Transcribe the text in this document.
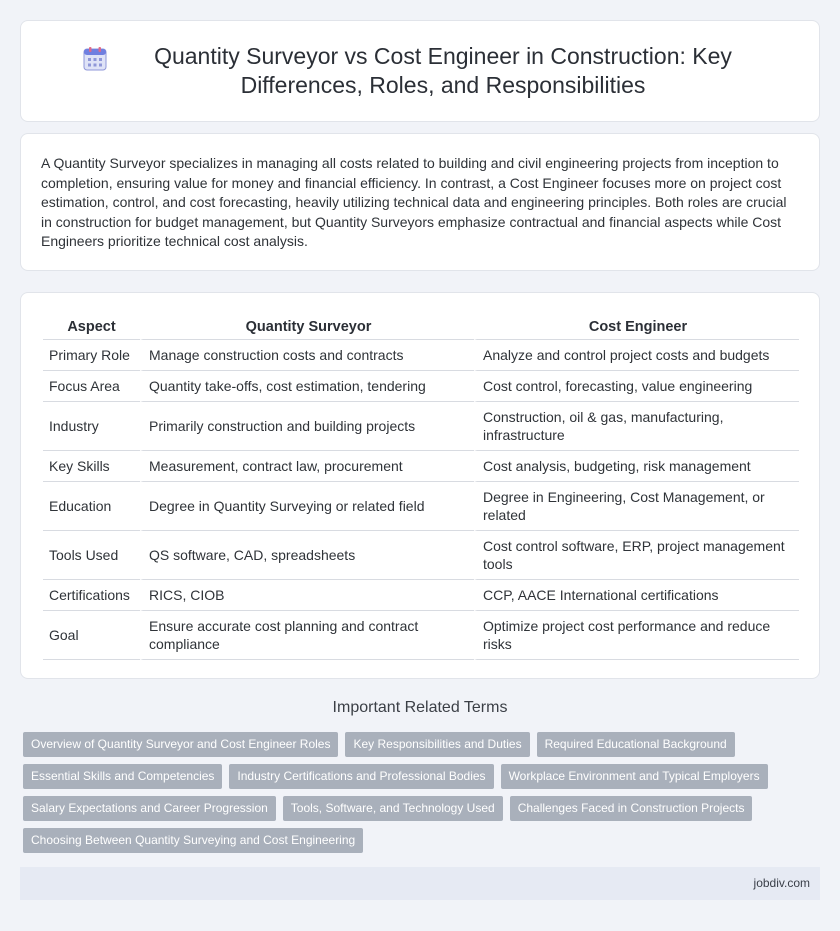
Quantity Surveyor vs Cost Engineer in Construction: Key Differences, Roles, and Responsibilities

A Quantity Surveyor specializes in managing all costs related to building and civil engineering projects from inception to completion, ensuring value for money and financial efficiency. In contrast, a Cost Engineer focuses more on project cost estimation, control, and cost forecasting, heavily utilizing technical data and engineering principles. Both roles are crucial in construction for budget management, but Quantity Surveyors emphasize contractual and financial aspects while Cost Engineers prioritize technical cost analysis.

Aspect	Quantity Surveyor	Cost Engineer
Primary Role	Manage construction costs and contracts	Analyze and control project costs and budgets
Focus Area	Quantity take-offs, cost estimation, tendering	Cost control, forecasting, value engineering
Industry	Primarily construction and building projects	Construction, oil & gas, manufacturing, infrastructure
Key Skills	Measurement, contract law, procurement	Cost analysis, budgeting, risk management
Education	Degree in Quantity Surveying or related field	Degree in Engineering, Cost Management, or related
Tools Used	QS software, CAD, spreadsheets	Cost control software, ERP, project management tools
Certifications	RICS, CIOB	CCP, AACE International certifications
Goal	Ensure accurate cost planning and contract compliance	Optimize project cost performance and reduce risks
Important Related Terms
Overview of Quantity Surveyor and Cost Engineer Roles	Key Responsibilities and Duties	Required Educational Background
Essential Skills and Competencies	Industry Certifications and Professional Bodies	Workplace Environment and Typical Employers
Salary Expectations and Career Progression	Tools, Software, and Technology Used	Challenges Faced in Construction Projects
Choosing Between Quantity Surveying and Cost Engineering
jobdiv.com
